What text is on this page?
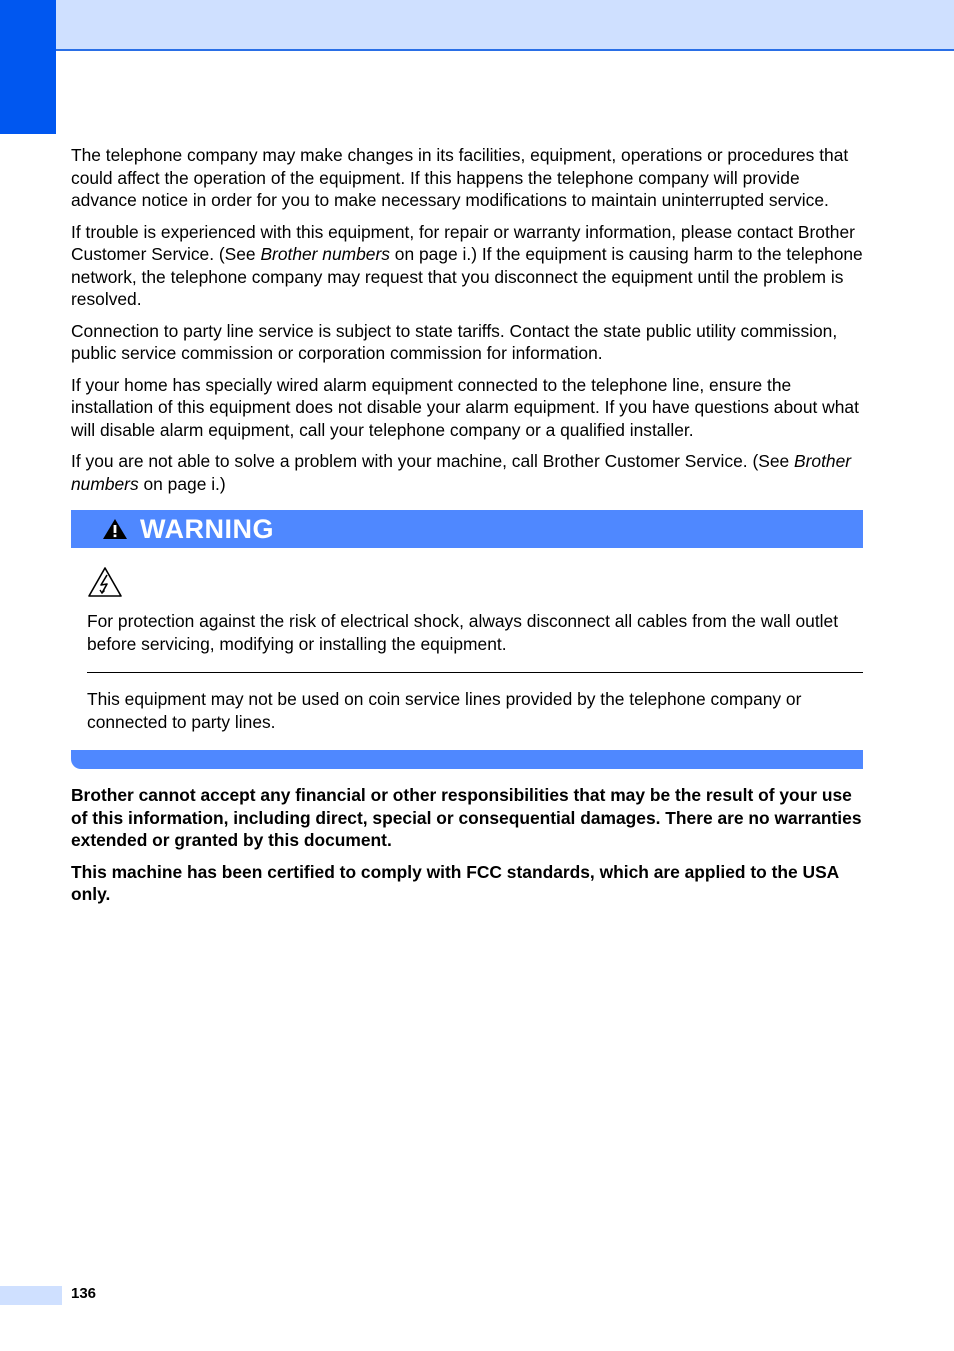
The telephone company may make changes in its facilities, equipment, operations or procedures that could affect the operation of the equipment. If this happens the telephone company will provide advance notice in order for you to make necessary modifications to maintain uninterrupted service.

If trouble is experienced with this equipment, for repair or warranty information, please contact Brother Customer Service. (See Brother numbers on page i.) If the equipment is causing harm to the telephone network, the telephone company may request that you disconnect the equipment until the problem is resolved.

Connection to party line service is subject to state tariffs. Contact the state public utility commission, public service commission or corporation commission for information.

If your home has specially wired alarm equipment connected to the telephone line, ensure the installation of this equipment does not disable your alarm equipment. If you have questions about what will disable alarm equipment, call your telephone company or a qualified installer.

If you are not able to solve a problem with your machine, call Brother Customer Service. (See Brother numbers on page i.)

WARNING

For protection against the risk of electrical shock, always disconnect all cables from the wall outlet before servicing, modifying or installing the equipment.

This equipment may not be used on coin service lines provided by the telephone company or connected to party lines.

Brother cannot accept any financial or other responsibilities that may be the result of your use of this information, including direct, special or consequential damages. There are no warranties extended or granted by this document.

This machine has been certified to comply with FCC standards, which are applied to the USA only.

136
